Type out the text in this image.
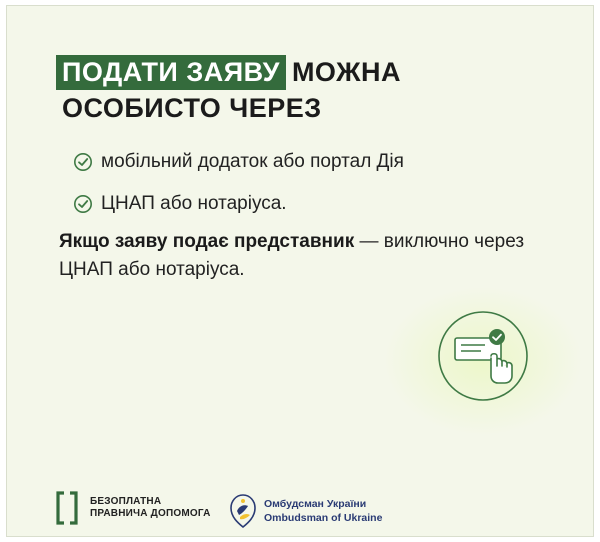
ПОДАТИ ЗАЯВУ МОЖНА
ОСОБИСТО ЧЕРЕЗ
мобільний додаток або портал Дія
ЦНАП або нотаріуса.

Якщо заяву подає представник — виключно через ЦНАП або нотаріуса.

БЕЗОПЛАТНА
ПРАВНИЧА ДОПОМОГА
Омбудсман України
Ombudsman of Ukraine
